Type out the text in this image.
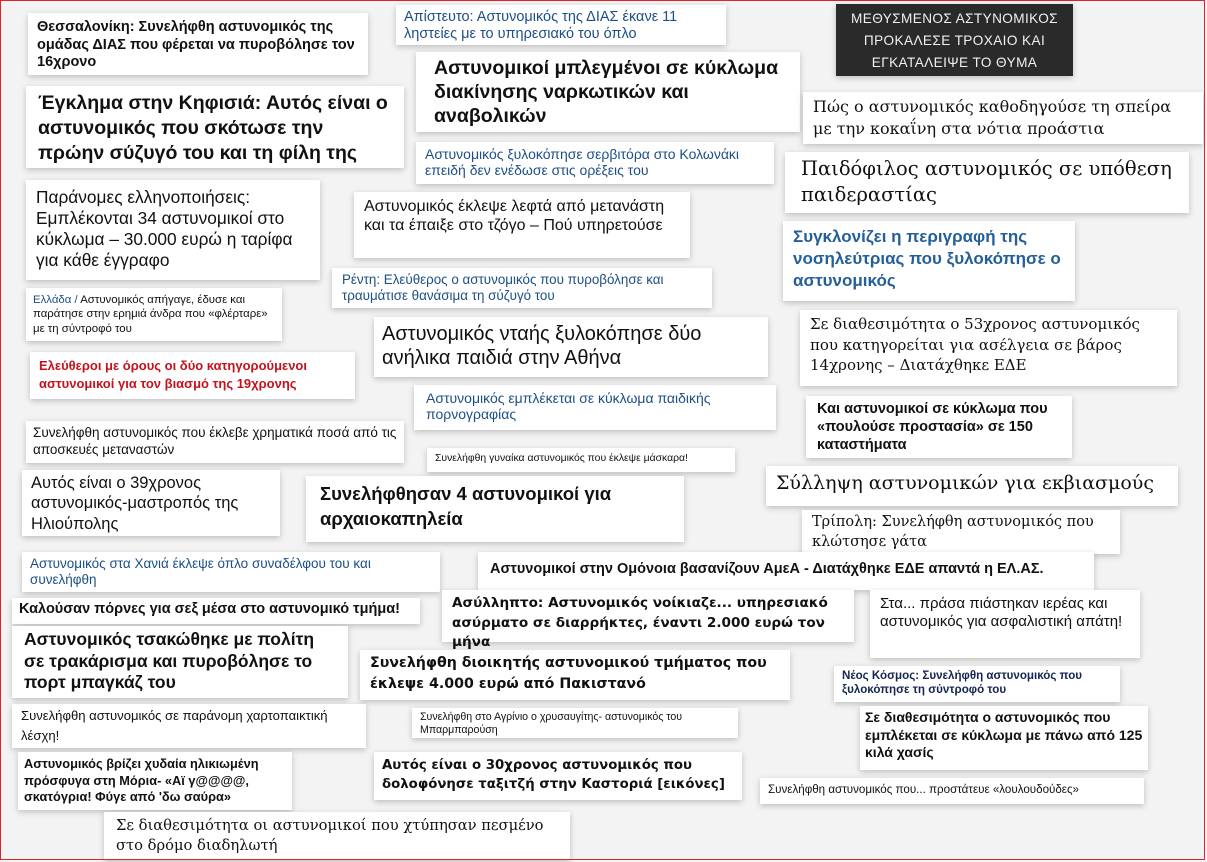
Θεσσαλονίκη: Συνελήφθη αστυνομικός της ομάδας ΔΙΑΣ που φέρεται να πυροβόλησε τον 16χρονο
Απίστευτο: Αστυνομικός της ΔΙΑΣ έκανε 11 ληστείες με το υπηρεσιακό του όπλο
ΜΕΘΥΣΜΕΝΟΣ ΑΣΤΥΝΟΜΙΚΟΣ ΠΡΟΚΑΛΕΣΕ ΤΡΟΧΑΙΟ ΚΑΙ ΕΓΚΑΤΑΛΕΙΨΕ ΤΟ ΘΥΜΑ
Αστυνομικοί μπλεγμένοι σε κύκλωμα διακίνησης ναρκωτικών και αναβολικών
Έγκλημα στην Κηφισιά: Αυτός είναι ο αστυνομικός που σκότωσε την πρώην σύζυγό του και τη φίλη της
Πώς ο αστυνομικός καθοδηγούσε τη σπείρα με την κοκαΐνη στα νότια προάστια
Αστυνομικός ξυλοκόπησε σερβιτόρα στο Κολωνάκι επειδή δεν ενέδωσε στις ορέξεις του	Παιδόφιλος αστυνομικός σε υπόθεση παιδεραστίας
Παράνομες ελληνοποιήσεις: Εμπλέκονται 34 αστυνομικοί στο κύκλωμα – 30.000 ευρώ η ταρίφα για κάθε έγγραφο
Αστυνομικός έκλεψε λεφτά από μετανάστη και τα έπαιξε στο τζόγο – Πού υπηρετούσε
Συγκλονίζει η περιγραφή της νοσηλεύτριας που ξυλοκόπησε ο αστυνομικός
Ρέντη: Ελεύθερος ο αστυνομικός που πυροβόλησε και τραυμάτισε θανάσιμα τη σύζυγό του
Ελλάδα / Αστυνομικός απήγαγε, έδυσε και παράτησε στην ερημιά άνδρα που «φλέρταρε» με τη σύντροφό του	Σε διαθεσιμότητα ο 53χρονος αστυνομικός που κατηγορείται για ασέλγεια σε βάρος 14χρονης – Διατάχθηκε ΕΔΕ
Αστυνομικός νταής ξυλοκόπησε δύο ανήλικα παιδιά στην Αθήνα
Ελεύθεροι με όρους οι δύο κατηγορούμενοι αστυνομικοί για τον βιασμό της 19χρονης
Αστυνομικός εμπλέκεται σε κύκλωμα παιδικής πορνογραφίας	Και αστυνομικοί σε κύκλωμα που «πουλούσε προστασία» σε 150 καταστήματα
Συνελήφθη αστυνομικός που έκλεβε χρηματικά ποσά από τις αποσκευές μεταναστών
Συνελήφθη γυναίκα αστυνομικός που έκλεψε μάσκαρα!
Σύλληψη αστυνομικών για εκβιασμούς
Αυτός είναι ο 39χρονος αστυνομικός-μαστροπός της Ηλιούπολης
Συνελήφθησαν 4 αστυνομικοί για αρχαιοκαπηλεία	Τρίπολη: Συνελήφθη αστυνομικός που κλώτσησε γάτα
Αστυνομικός στα Χανιά έκλεψε όπλο συναδέλφου του και συνελήφθη
Αστυνομικοί στην Ομόνοια βασανίζουν ΑμεΑ - Διατάχθηκε ΕΔΕ απαντά η ΕΛ.ΑΣ.
Καλούσαν πόρνες για σεξ μέσα στο αστυνομικό τμήμα!	Ασύλληπτο: Αστυνομικός νοίκιαζε... υπηρεσιακό ασύρματο σε διαρρήκτες, έναντι 2.000 ευρώ τον μήνα
Στα... πράσα πιάστηκαν ιερέας και αστυνομικός για ασφαλιστική απάτη!
Αστυνομικός τσακώθηκε με πολίτη σε τρακάρισμα και πυροβόλησε το πορτ μπαγκάζ του
Συνελήφθη διοικητής αστυνομικού τμήματος που έκλεψε 4.000 ευρώ από Πακιστανό
Νέος Κόσμος: Συνελήφθη αστυνομικός που ξυλοκόπησε τη σύντροφό του
Συνελήφθη αστυνομικός σε παράνομη χαρτοπαικτική λέσχη!
Συνελήφθη στο Αγρίνιο ο χρυσαυγίτης- αστυνομικός του Μπαρμπαρούση
Σε διαθεσιμότητα ο αστυνομικός που εμπλέκεται σε κύκλωμα με πάνω από 125 κιλά χασίς
Αστυνομικός βρίζει χυδαία ηλικιωμένη πρόσφυγα στη Μόρια- «Αϊ γ@@@@, σκατόγρια! Φύγε από 'δω σαύρα»
Αυτός είναι ο 30χρονος αστυνομικός που δολοφόνησε ταξιτζή στην Καστοριά [εικόνες]	Συνελήφθη αστυνομικός που... προστάτευε «λουλουδούδες»
Σε διαθεσιμότητα οι αστυνομικοί που χτύπησαν πεσμένο στο δρόμο διαδηλωτή
